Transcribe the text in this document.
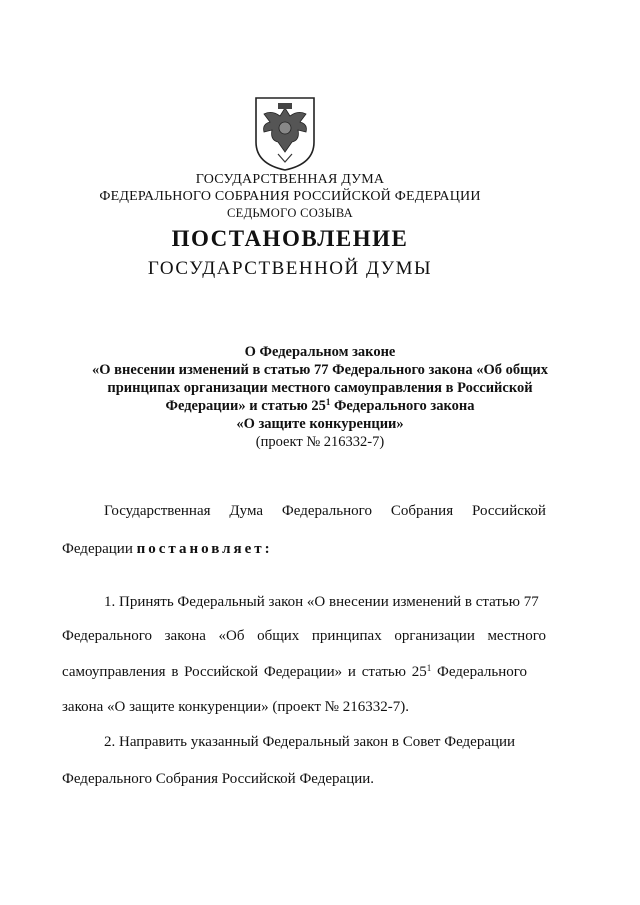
ГОСУДАРСТВЕННАЯ ДУМА
ФЕДЕРАЛЬНОГО СОБРАНИЯ РОССИЙСКОЙ ФЕДЕРАЦИИ
СЕДЬМОГО СОЗЫВА
ПОСТАНОВЛЕНИЕ
ГОСУДАРСТВЕННОЙ ДУМЫ
О Федеральном законе
«О внесении изменений в статью 77 Федерального закона «Об общих
принципах организации местного самоуправления в Российской
Федерации» и статью $25^1$ Федерального закона
«О защите конкуренции»
(проект № 216332-7)
Государственная Дума Федерального Собрания Российской
Федерации постановляет:
1. Принять Федеральный закон «О внесении изменений в статью 77
Федерального закона «Об общих принципах организации местного
самоуправления в Российской Федерации» и статью $25^1$ Федерального
закона «О защите конкуренции» (проект № 216332-7).
2. Направить указанный Федеральный закон в Совет Федерации
Федерального Собрания Российской Федерации.
